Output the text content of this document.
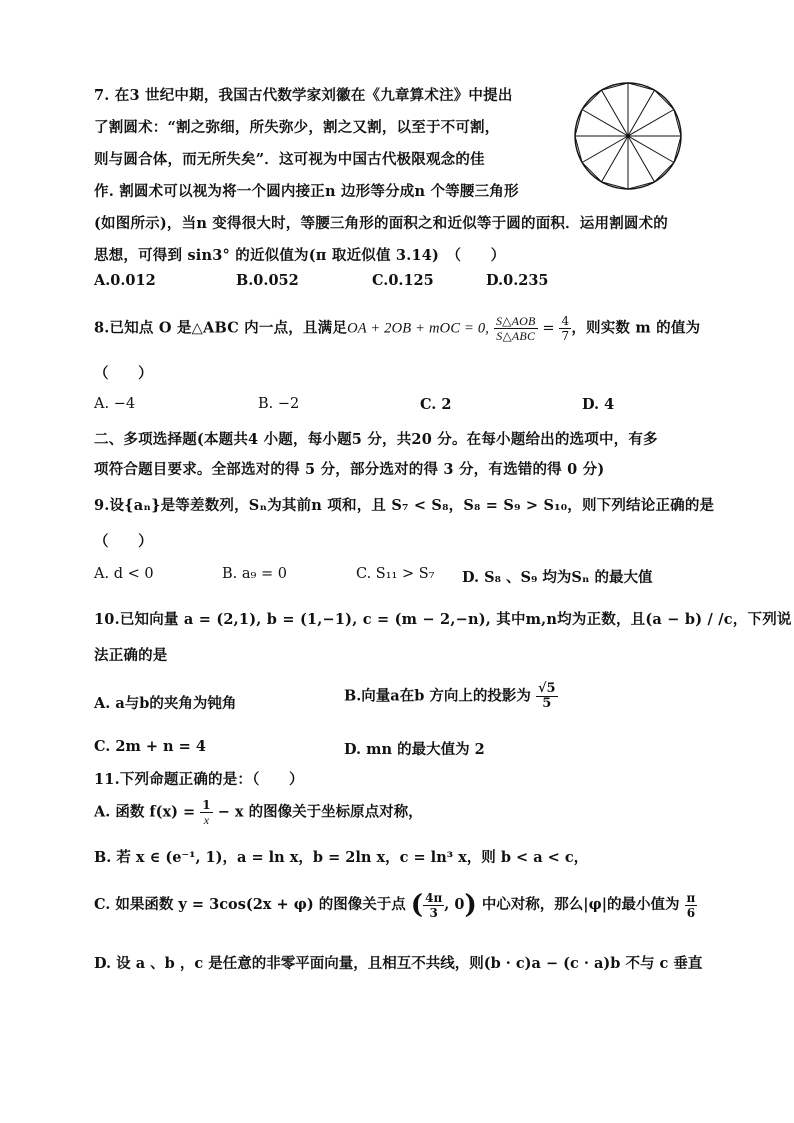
7. 在3 世纪中期，我国古代数学家刘徽在《九章算术注》中提出
了割圆术：“割之弥细，所失弥少，割之又割，以至于不可割，
则与圆合体，而无所失矣”．这可视为中国古代极限观念的佳
作. 割圆术可以视为将一个圆内接正n 边形等分成n 个等腰三角形
(如图所示)，当n 变得很大时，等腰三角形的面积之和近似等于圆的面积．运用割圆术的
思想，可得到 sin3° 的近似值为(π 取近似值 3.14)　（　　）
A.0.012	B.0.052	C.0.125	D.0.235
8.已知点 O 是△ABC 内一点，且满足OA + 2OB + mOC = 0, $\frac{\text{S△AOB}}{\text{S△ABC}} = \frac{4}{7}$ ，则实数 m 的值为
（　　）
A. −4	B. −2	C. 2	D. 4
二、多项选择题(本题共4 小题，每小题5 分，共20 分。在每小题给出的选项中，有多
项符合题目要求。全部选对的得 5 分，部分选对的得 3 分，有选错的得 0 分)
9.设{aₙ}是等差数列，Sₙ为其前n 项和，且 S₇ < S₈，S₈ = S₉ > S₁₀，则下列结论正确的是
（　　）
A. d < 0	B. a₉ = 0	C. S₁₁ > S₇ D. S₈ 、S₉ 均为Sₙ 的最大值
10.已知向量 a = (2,1), b = (1,−1), c = (m − 2,−n), 其中m,n均为正数，且(a − b) / /c，下列说
法正确的是
A. a与b的夹角为钝角	B.向量a在b 方向上的投影为 $\frac{√5}{5}$
C. 2m + n = 4	D. mn 的最大值为 2
11.下列命题正确的是：（　　）
A. 函数 $f(x) = \frac{1}{x} - x$ 的图像关于坐标原点对称，
B. 若 x ∈ (e⁻¹, 1)，a = ln x，b = 2ln x，c = ln³ x，则 b < a < c，
C. 如果函数 y = 3cos(2x + φ) 的图像关于点 ( $\frac{4\pi}{3}$ , 0) 中心对称，那么|φ|的最小值为 $\frac{\pi}{6}$
D. 设 a 、b ，c 是任意的非零平面向量，且相互不共线，则(b · c)a − (c · a)b 不与 c 垂直
